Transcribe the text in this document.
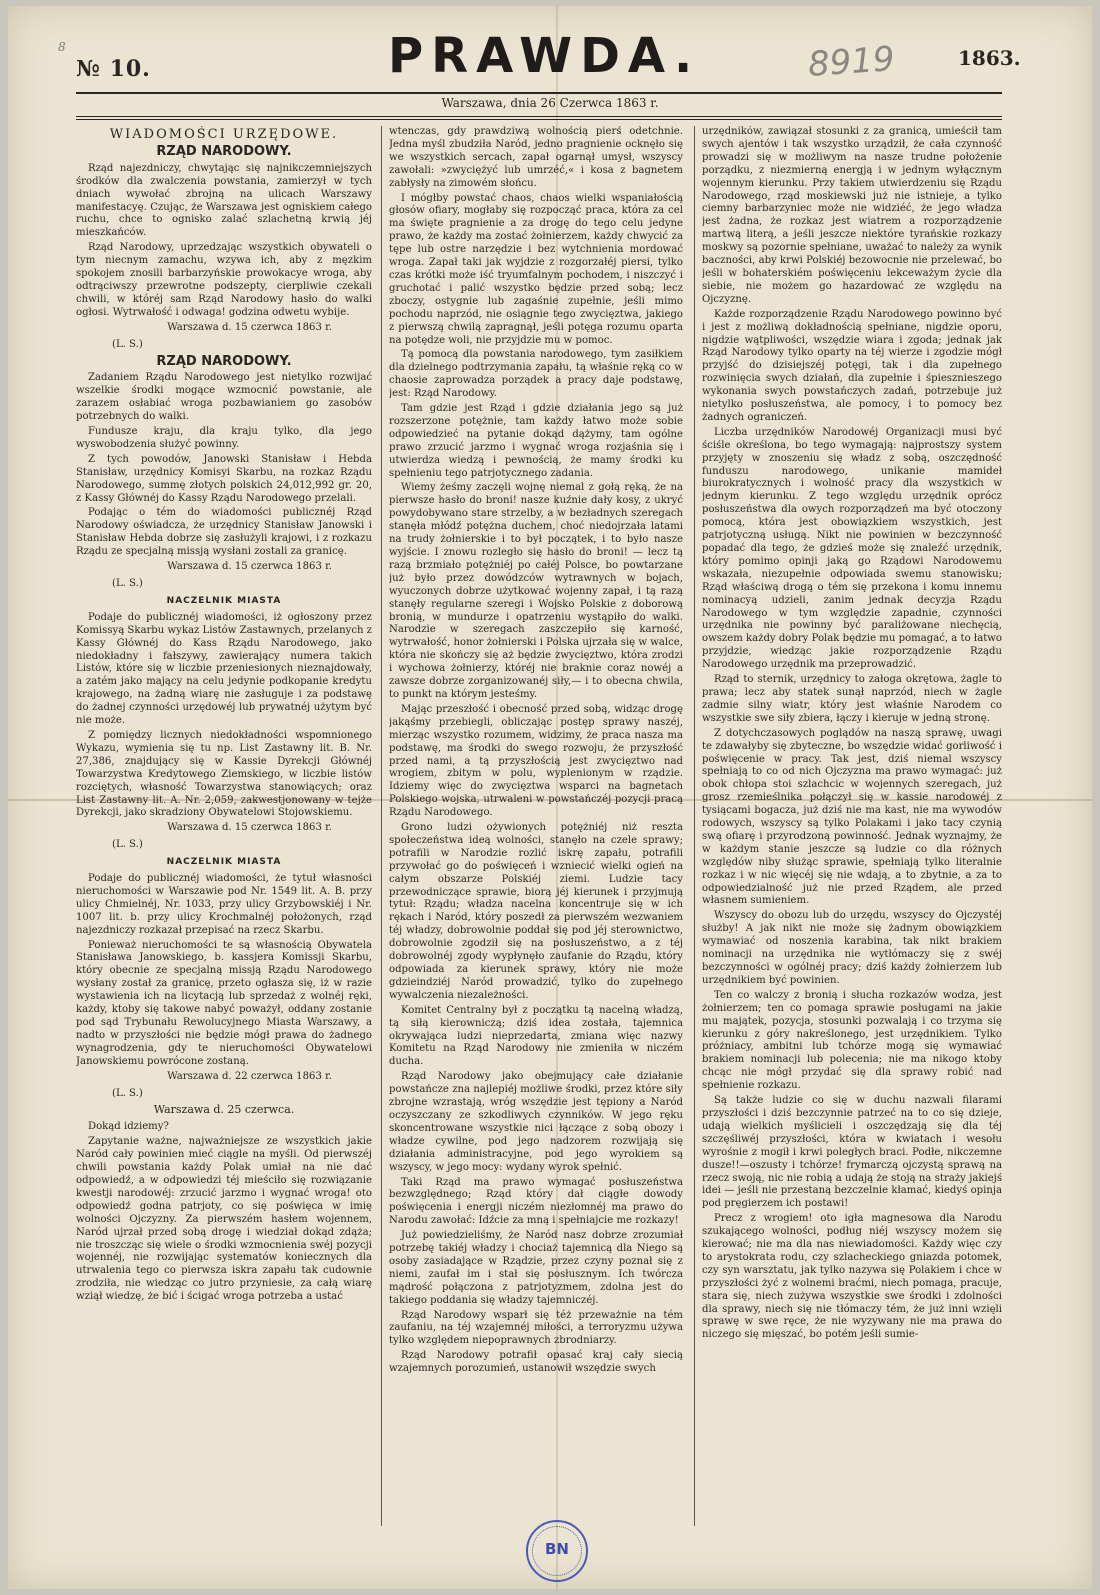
8
№ 10.	PRAWDA.	8919	1863.
Warszawa, dnia 26 Czerwca 1863 r.

WIADOMOŚCI URZĘDOWE.

RZĄD NARODOWY.

Rząd najezdniczy, chwytając się najnikczemniejszych środków dla zwalczenia powstania, zamierzył w tych dniach wywołać zbrojną na ulicach Warszawy manifestacyę. Czując, że Warszawa jest ogniskiem całego ruchu, chce to ognisko zalać szlachetną krwią jéj mieszkańców.

Rząd Narodowy, uprzedzając wszystkich obywateli o tym niecnym zamachu, wzywa ich, aby z męzkim spokojem znosili barbarzyńskie prowokacye wroga, aby odtrąciwszy przewrotne podszepty, cierpliwie czekali chwili, w któréj sam Rząd Narodowy hasło do walki ogłosi. Wytrwałość i odwaga! godzina odwetu wybije.

Warszawa d. 15 czerwca 1863 r.

(L. S.)

RZĄD NARODOWY.

Zadaniem Rządu Narodowego jest nietylko rozwijać wszelkie środki mogące wzmocnić powstanie, ale zarazem osłabiać wroga pozbawianiem go zasobów potrzebnych do walki.

Fundusze kraju, dla kraju tylko, dla jego wyswobodzenia służyć powinny.

Z tych powodów, Janowski Stanisław i Hebda Stanisław, urzędnicy Komisyi Skarbu, na rozkaz Rządu Narodowego, summę złotych polskich 24,012,992 gr. 20, z Kassy Głównéj do Kassy Rządu Narodowego przelali.

Podając o tém do wiadomości publicznéj Rząd Narodowy oświadcza, że urzędnicy Stanisław Janowski i Stanisław Hebda dobrze się zasłużyli krajowi, i z rozkazu Rządu ze specjalną missją wysłani zostali za granicę.

Warszawa d. 15 czerwca 1863 r.

(L. S.)

NACZELNIK MIASTA

Podaje do publicznéj wiadomości, iż ogłoszony przez Komissyą Skarbu wykaz Listów Zastawnych, przelanych z Kassy Głównéj do Kass Rządu Narodowego, jako niedokładny i fałszywy, zawierający numera takich Listów, które się w liczbie przeniesionych nieznajdowały, a zatém jako mający na celu jedynie podkopanie kredytu krajowego, na żadną wiarę nie zasługuje i za podstawę do żadnej czynności urzędowéj lub prywatnéj użytym być nie może.

Z pomiędzy licznych niedokładności wspomnionego Wykazu, wymienia się tu np. List Zastawny lit. B. Nr. 27,386, znajdujący się w Kassie Dyrekcji Głównéj Towarzystwa Kredytowego Ziemskiego, w liczbie listów rozciętych, własność Towarzystwa stanowiących; oraz List Zastawny lit. A. Nr. 2,059, zakwestjonowany w tejże Dyrekcji, jako skradziony Obywatelowi Stojowskiemu.

Warszawa d. 15 czerwca 1863 r.

(L. S.)

NACZELNIK MIASTA

Podaje do publicznéj wiadomości, że tytuł własności nieruchomości w Warszawie pod Nr. 1549 lit. A. B. przy ulicy Chmielnéj, Nr. 1033, przy ulicy Grzybowskiéj i Nr. 1007 lit. b. przy ulicy Krochmalnéj położonych, rząd najezdniczy rozkazał przepisać na rzecz Skarbu.

Ponieważ nieruchomości te są własnością Obywatela Stanisława Janowskiego, b. kassjera Komissji Skarbu, który obecnie ze specjalną missją Rządu Narodowego wysłany został za granicę, przeto ogłasza się, iż w razie wystawienia ich na licytacją lub sprzedaż z wolnéj ręki, każdy, ktoby się takowe nabyć poważył, oddany zostanie pod sąd Trybunału Rewolucyjnego Miasta Warszawy, a nadto w przyszłości nie będzie mógł prawa do żadnego wynagrodzenia, gdy te nieruchomości Obywatelowi Janowskiemu powrócone zostaną.

Warszawa d. 22 czerwca 1863 r.

(L. S.)

Warszawa d. 25 czerwca.

Dokąd idziemy?

Zapytanie ważne, najważniejsze ze wszystkich jakie Naród cały powinien mieć ciągle na myśli. Od pierwszéj chwili powstania każdy Polak umiał na nie dać odpowiedź, a w odpowiedzi téj mieściło się rozwiązanie kwestji narodowéj: zrzucić jarzmo i wygnać wroga! oto odpowiedź godna patrjoty, co się poświęca w imię wolności Ojczyzny. Za pierwszém hasłem wojennem, Naród ujrzał przed sobą drogę i wiedział dokąd zdąża; nie troszcząc się wiele o środki wzmocnienia swéj pozycji wojennéj, nie rozwijając systematów koniecznych dla utrwalenia tego co pierwsza iskra zapału tak cudownie zrodziła, nie wiedząc co jutro przyniesie, za całą wiarę wziął wiedzę, że bić i ścigać wroga potrzeba a ustać

wtenczas, gdy prawdziwą wolnością pierś odetchnie. Jedna myśl zbudziła Naród, jedno pragnienie ocknęło się we wszystkich sercach, zapał ogarnął umysł, wszyscy zawołali: »zwyciężyć lub umrzéć,« i kosa z bagnetem zabłysły na zimowém słońcu.

I mógłby powstać chaos, chaos wielki wspaniałością głosów ofiary, mogłaby się rozpocząć praca, która za cel ma święte pragnienie a za drogę do tego celu jedyne prawo, że każdy ma zostać żołnierzem, każdy chwycić za tępe lub ostre narzędzie i bez wytchnienia mordować wroga. Zapał taki jak wyjdzie z rozgorzałéj piersi, tylko czas krótki może iść tryumfalnym pochodem, i niszczyć i gruchotać i palić wszystko będzie przed sobą; lecz zboczy, ostygnie lub zagaśnie zupełnie, jeśli mimo pochodu naprzód, nie osiągnie tego zwycięztwa, jakiego z pierwszą chwilą zapragnął, jeśli potęga rozumu oparta na potędze woli, nie przyjdzie mu w pomoc.

Tą pomocą dla powstania narodowego, tym zasiłkiem dla dzielnego podtrzymania zapału, tą właśnie ręką co w chaosie zaprowadza porządek a pracy daje podstawę, jest: Rząd Narodowy.

Tam gdzie jest Rząd i gdzie działania jego są już rozszerzone potężnie, tam każdy łatwo może sobie odpowiedzieć na pytanie dokąd dążymy, tam ogólne prawo zrzucić jarzmo i wygnać wroga rozjaśnia się i utwierdza wiedzą i pewnością, że mamy środki ku spełnieniu tego patrjotycznego zadania.

Wiemy żeśmy zaczęli wojnę niemal z gołą ręką, że na pierwsze hasło do broni! nasze kuźnie dały kosy, z ukryć powydobywano stare strzelby, a w bezładnych szeregach stanęła młódź potężna duchem, choć niedojrzała latami na trudy żołnierskie i to był początek, i to było nasze wyjście. I znowu rozległo się hasło do broni! — lecz tą razą brzmiało potężniéj po całéj Polsce, bo powtarzane już było przez dowódzców wytrawnych w bojach, wyuczonych dobrze użytkować wojenny zapał, i tą razą stanęły regularne szeregi i Wojsko Polskie z doborową bronią, w mundurze i opatrzeniu wystąpiło do walki. Narodzie w szeregach zaszczepiło się karność, wytrwałość, honor żołnierski i Polska ujrzała się w walce, która nie skończy się aż będzie zwycięztwo, która zrodzi i wychowa żołnierzy, któréj nie braknie coraz nowéj a zawsze dobrze zorganizowanéj siły,— i to obecna chwila, to punkt na którym jesteśmy.

Mając przeszłość i obecność przed sobą, widząc drogę jakąśmy przebiegli, obliczając postęp sprawy naszéj, mierząc wszystko rozumem, widzimy, że praca nasza ma podstawę, ma środki do swego rozwoju, że przyszłość przed nami, a tą przyszłością jest zwycięztwo nad wrogiem, zbitym w polu, wyplenionym w rządzie. Idziemy więc do zwycięztwa wsparci na bagnetach Polskiego wojska, utrwaleni w powstańczéj pozycji pracą Rządu Narodowego.

Grono ludzi ożywionych potężniéj niż reszta społeczeństwa ideą wolności, stanęło na czele sprawy; potrafili w Narodzie rozlić iskrę zapału, potrafili przywołać go do poświęceń i wzniecić wielki ogień na całym obszarze Polskiéj ziemi. Ludzie tacy przewodniczące sprawie, biorą jéj kierunek i przyjmują tytuł: Rządu; władza nacelna koncentruje się w ich rękach i Naród, który poszedł za pierwszém wezwaniem téj władzy, dobrowolnie poddał się pod jéj sterownictwo, dobrowolnie zgodził się na posłuszeństwo, a z téj dobrowolnéj zgody wypłynęło zaufanie do Rządu, który odpowiada za kierunek sprawy, który nie może gdzieindziéj Naród prowadzić, tylko do zupełnego wywalczenia niezależności.

Komitet Centralny był z początku tą nacelną władzą, tą siłą kierowniczą; dziś idea została, tajemnica okrywająca ludzi nieprzedarta, zmiana więc nazwy Komitetu na Rząd Narodowy nie zmieniła w niczém ducha.

Rząd Narodowy jako obejmujący całe działanie powstańcze zna najlepiéj możliwe środki, przez które siły zbrojne wzrastają, wróg wszędzie jest tępiony a Naród oczyszczany ze szkodliwych czynników. W jego ręku skoncentrowane wszystkie nici łączące z sobą obozy i władze cywilne, pod jego nadzorem rozwijają się działania administracyjne, pod jego wyrokiem są wszyscy, w jego mocy: wydany wyrok spełnić.

Taki Rząd ma prawo wymagać posłuszeństwa bezwzględnego; Rząd który dał ciągłe dowody poświęcenia i energji niczém niezłomnéj ma prawo do Narodu zawołać: Idźcie za mną i spełniajcie me rozkazy!

Już powiedzieliśmy, że Naród nasz dobrze zrozumiał potrzebę takiéj władzy i chociaż tajemnicą dla Niego są osoby zasiadające w Rządzie, przez czyny poznał się z niemi, zaufał im i stał się posłusznym. Ich twórcza mądrość połączona z patrjotyzmem, zdolna jest do takiego poddania się władzy tajemniczéj.

Rząd Narodowy wsparł się téż przeważnie na tém zaufaniu, na téj wzajemnéj miłości, a terroryzmu używa tylko względem niepoprawnych zbrodniarzy.

Rząd Narodowy potrafił opasać kraj cały siecią wzajemnych porozumień, ustanowił wszędzie swych

urzędników, zawiązał stosunki z za granicą, umieścił tam swych ajentów i tak wszystko urządził, że cała czynność prowadzi się w możliwym na nasze trudne położenie porządku, z niezmierną energją i w jednym wyłącznym wojennym kierunku. Przy takiem utwierdzeniu się Rządu Narodowego, rząd moskiewski już nie istnieje, a tylko ciemny barbarzyniec może nie widziéć, że jego władza jest żadna, że rozkaz jest wiatrem a rozporządzenie martwą literą, a jeśli jeszcze niektóre tyrańskie rozkazy moskwy są pozornie spełniane, uważać to należy za wynik baczności, aby krwi Polskiéj bezowocnie nie przelewać, bo jeśli w bohaterskiém poświęceniu lekceważym życie dla siebie, nie możem go hazardować ze względu na Ojczyznę.

Każde rozporządzenie Rządu Narodowego powinno być i jest z możliwą dokładnością spełniane, nigdzie oporu, nigdzie wątpliwości, wszędzie wiara i zgoda; jednak jak Rząd Narodowy tylko oparty na téj wierze i zgodzie mógł przyjść do dzisiejszéj potęgi, tak i dla zupełnego rozwinięcia swych działań, dla zupełnie i śpiesznieszego wykonania swych powstańczych zadań, potrzebuje już nietylko posłuszeństwa, ale pomocy, i to pomocy bez żadnych ograniczeń.

Liczba urzędników Narodowéj Organizacji musi być ściśle określona, bo tego wymagają: najprostszy system przyjęty w znoszeniu się władz z sobą, oszczędność funduszu narodowego, unikanie mamideł biurokratycznych i wolność pracy dla wszystkich w jednym kierunku. Z tego względu urzędnik oprócz posłuszeństwa dla owych rozporządzeń ma być otoczony pomocą, która jest obowiązkiem wszystkich, jest patrjotyczną usługą. Nikt nie powinien w bezczynność popadać dla tego, że gdzieś może się znaleźć urzędnik, który pomimo opinji jaką go Rządowi Narodowemu wskazała, niezupełnie odpowiada swemu stanowisku; Rząd właściwą drogą o tém się przekona i komu innemu nominacyą udzieli, zanim jednak decyzja Rządu Narodowego w tym względzie zapadnie, czynności urzędnika nie powinny być paraliżowane niechęcią, owszem każdy dobry Polak będzie mu pomagać, a to łatwo przyjdzie, wiedząc jakie rozporządzenie Rządu Narodowego urzędnik ma przeprowadzić.

Rząd to sternik, urzędnicy to załoga okrętowa, żagle to prawa; lecz aby statek sunął naprzód, niech w żagle zadmie silny wiatr, który jest właśnie Narodem co wszystkie swe siły zbiera, łączy i kieruje w jedną stronę.

Z dotychczasowych poglądów na naszą sprawę, uwagi te zdawałyby się zbyteczne, bo wszędzie widać gorliwość i poświęcenie w pracy. Tak jest, dziś niemal wszyscy spełniają to co od nich Ojczyzna ma prawo wymagać: już obok chłopa stoi szlachcic w wojennych szeregach, już grosz rzemieślnika połączył się w kassie narodowéj z tysiącami bogacza, już dziś nie ma kast, nie ma wywodów rodowych, wszyscy są tylko Polakami i jako tacy czynią swą ofiarę i przyrodzoną powinność. Jednak wyznajmy, że w każdym stanie jeszcze są ludzie co dla różnych względów niby służąc sprawie, spełniają tylko literalnie rozkaz i w nic więcéj się nie wdają, a to zbytnie, a za to odpowiedzialność już nie przed Rządem, ale przed własnem sumieniem.

Wszyscy do obozu lub do urzędu, wszyscy do Ojczystéj służby! A jak nikt nie może się żadnym obowiązkiem wymawiać od noszenia karabina, tak nikt brakiem nominacji na urzędnika nie wytłómaczy się z swéj bezczynności w ogólnéj pracy; dziś każdy żołnierzem lub urzędnikiem być powinien.

Ten co walczy z bronią i słucha rozkazów wodza, jest żołnierzem; ten co pomaga sprawie posługami na jakie mu majątek, pozycja, stosunki pozwalają i co trzyma się kierunku z góry nakreślonego, jest urzędnikiem. Tylko próżniacy, ambitni lub tchórze mogą się wymawiać brakiem nominacji lub polecenia; nie ma nikogo ktoby chcąc nie mógł przydać się dla sprawy robić nad spełnienie rozkazu.

Są także ludzie co się w duchu nazwali filarami przyszłości i dziś bezczynnie patrzeć na to co się dzieje, udają wielkich myślicieli i oszczędzają się dla téj szczęśliwéj przyszłości, która w kwiatach i wesołu wyrośnie z mogił i krwi poległych braci. Podłe, nikczemne dusze!!—oszusty i tchórze! frymarczą ojczystą sprawą na rzecz swoją, nic nie robią a udają że stoją na straży jakiejś idei — jeśli nie przestaną bezczelnie kłamać, kiedyś opinja pod pręgierzem ich postawi!

Precz z wrogiem! oto igła magnesowa dla Narodu szukającego wolności, podług niéj wszyscy możem się kierować; nie ma dla nas niewiadomości. Każdy więc czy to arystokrata rodu, czy szlacheckiego gniazda potomek, czy syn warsztatu, jak tylko nazywa się Polakiem i chce w przyszłości żyć z wolnemi braćmi, niech pomaga, pracuje, stara się, niech zużywa wszystkie swe środki i zdolności dla sprawy, niech się nie tłómaczy tém, że już inni wzięli sprawę w swe ręce, że nie wyzywany nie ma prawa do niczego się mięszać, bo potém jeśli sumie-

BN
